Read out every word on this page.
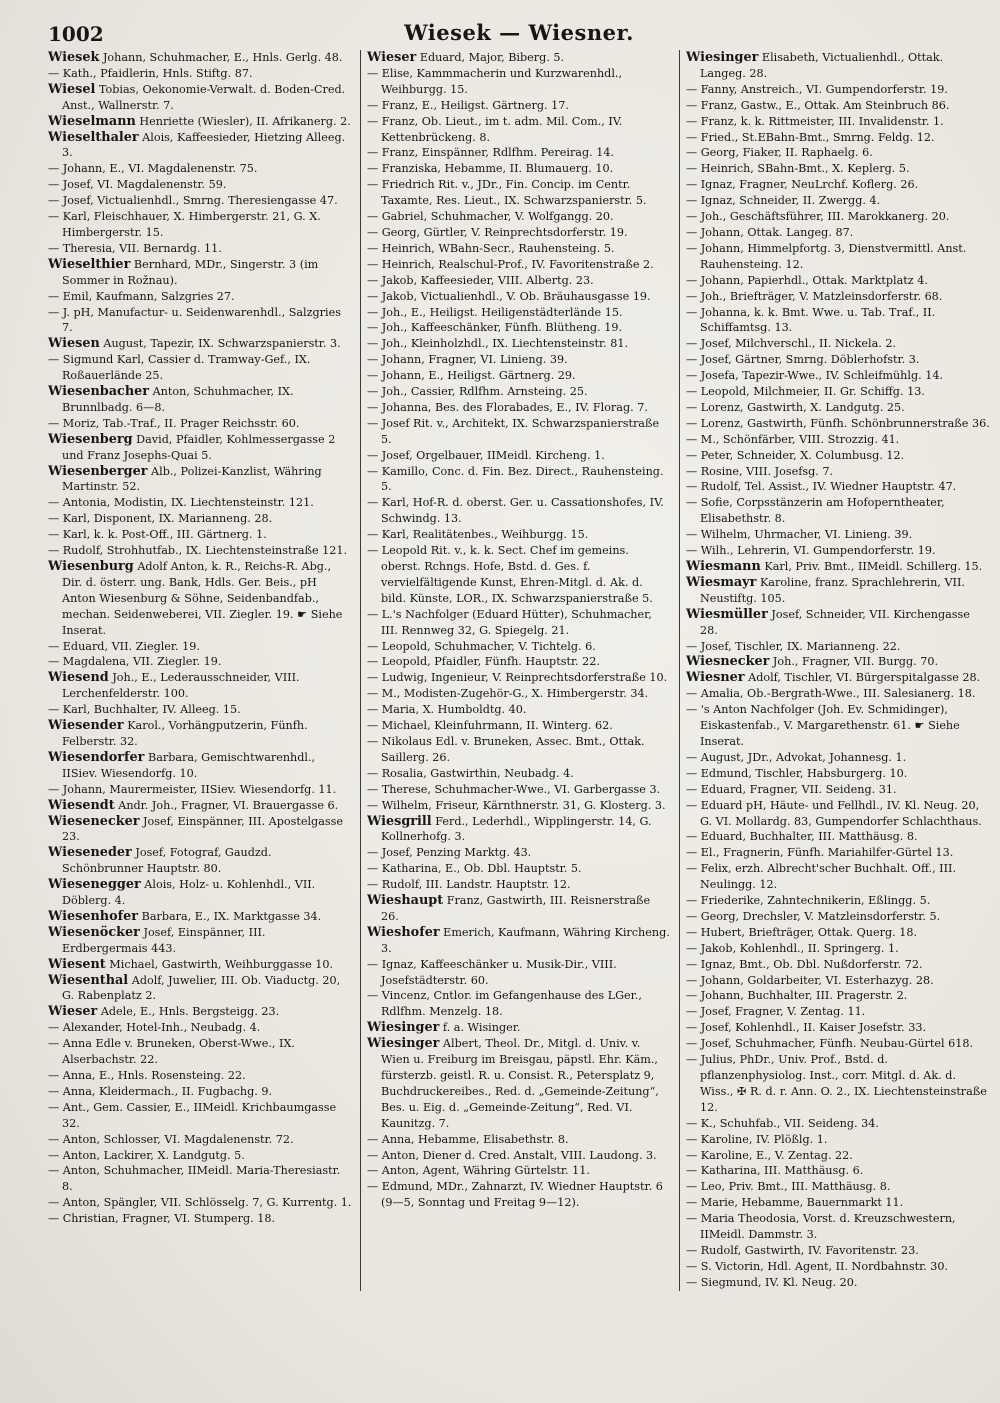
1002	Wiesek — Wiesner.

Wiesek Johann, Schuhmacher, E., Hnls. Gerlg. 48.

— Kath., Pfaidlerin, Hnls. Stiftg. 87.

Wiesel Tobias, Oekonomie-Verwalt. d. Boden-Cred. Anst., Wallnerstr. 7.

Wieselmann Henriette (Wiesler), II. Afrikanerg. 2.

Wieselthaler Alois, Kaffeesieder, Hietzing Alleeg. 3.

— Johann, E., VI. Magdalenenstr. 75.

— Josef, VI. Magdalenenstr. 59.

— Josef, Victualienhdl., Smrng. Theresiengasse 47.

— Karl, Fleischhauer, X. Himbergerstr. 21, G. X. Himbergerstr. 15.

— Theresia, VII. Bernardg. 11.

Wieselthier Bernhard, MDr., Singerstr. 3 (im Sommer in Rožnau).

— Emil, Kaufmann, Salzgries 27.

— J. pH, Manufactur- u. Seidenwarenhdl., Salzgries 7.

Wiesen August, Tapezir, IX. Schwarzspanierstr. 3.

— Sigmund Karl, Cassier d. Tramway-Gef., IX. Roßauerlände 25.

Wiesenbacher Anton, Schuhmacher, IX. Brunnlbadg. 6—8.

— Moriz, Tab.-Traf., II. Prager Reichsstr. 60.

Wiesenberg David, Pfaidler, Kohlmessergasse 2 und Franz Josephs-Quai 5.

Wiesenberger Alb., Polizei-Kanzlist, Währing Martinstr. 52.

— Antonia, Modistin, IX. Liechtensteinstr. 121.

— Karl, Disponent, IX. Marianneng. 28.

— Karl, k. k. Post-Off., III. Gärtnerg. 1.

— Rudolf, Strohhutfab., IX. Liechtensteinstraße 121.

Wiesenburg Adolf Anton, k. R., Reichs-R. Abg., Dir. d. österr. ung. Bank, Hdls. Ger. Beis., pH Anton Wiesenburg & Söhne, Seidenbandfab., mechan. Seidenweberei, VII. Ziegler. 19. ☛ Siehe Inserat.

— Eduard, VII. Ziegler. 19.

— Magdalena, VII. Ziegler. 19.

Wiesend Joh., E., Lederausschneider, VIII. Lerchenfelderstr. 100.

— Karl, Buchhalter, IV. Alleeg. 15.

Wiesender Karol., Vorhängputzerin, Fünfh. Felberstr. 32.

Wiesendorfer Barbara, Gemischtwarenhdl., IISiev. Wiesendorfg. 10.

— Johann, Maurermeister, IISiev. Wiesendorfg. 11.

Wiesendt Andr. Joh., Fragner, VI. Brauergasse 6.

Wiesenecker Josef, Einspänner, III. Apostelgasse 23.

Wieseneder Josef, Fotograf, Gaudzd. Schönbrunner Hauptstr. 80.

Wiesenegger Alois, Holz- u. Kohlenhdl., VII. Döblerg. 4.

Wiesenhofer Barbara, E., IX. Marktgasse 34.

Wiesenöcker Josef, Einspänner, III. Erdbergermais 443.

Wiesent Michael, Gastwirth, Weihburggasse 10.

Wiesenthal Adolf, Juwelier, III. Ob. Viaductg. 20, G. Rabenplatz 2.

Wieser Adele, E., Hnls. Bergsteigg. 23.

— Alexander, Hotel-Inh., Neubadg. 4.

— Anna Edle v. Bruneken, Oberst-Wwe., IX. Alserbachstr. 22.

— Anna, E., Hnls. Rosensteing. 22.

— Anna, Kleidermach., II. Fugbachg. 9.

— Ant., Gem. Cassier, E., IIMeidl. Krichbaumgasse 32.

— Anton, Schlosser, VI. Magdalenenstr. 72.

— Anton, Lackirer, X. Landgutg. 5.

— Anton, Schuhmacher, IIMeidl. Maria-Theresiastr. 8.

— Anton, Spängler, VII. Schlösselg. 7, G. Kurrentg. 1.

— Christian, Fragner, VI. Stumperg. 18.

Wieser Eduard, Major, Biberg. 5.

— Elise, Kammmacherin und Kurzwarenhdl., Weihburgg. 15.

— Franz, E., Heiligst. Gärtnerg. 17.

— Franz, Ob. Lieut., im t. adm. Mil. Com., IV. Kettenbrückeng. 8.

— Franz, Einspänner, Rdlfhm. Pereirag. 14.

— Franziska, Hebamme, II. Blumauerg. 10.

— Friedrich Rit. v., JDr., Fin. Concip. im Centr. Taxamte, Res. Lieut., IX. Schwarzspanierstr. 5.

— Gabriel, Schuhmacher, V. Wolfgangg. 20.

— Georg, Gürtler, V. Reinprechtsdorferstr. 19.

— Heinrich, WBahn-Secr., Rauhensteing. 5.

— Heinrich, Realschul-Prof., IV. Favoritenstraße 2.

— Jakob, Kaffeesieder, VIII. Albertg. 23.

— Jakob, Victualienhdl., V. Ob. Bräuhausgasse 19.

— Joh., E., Heiligst. Heiligenstädterlände 15.

— Joh., Kaffeeschänker, Fünfh. Blütheng. 19.

— Joh., Kleinholzhdl., IX. Liechtensteinstr. 81.

— Johann, Fragner, VI. Linieng. 39.

— Johann, E., Heiligst. Gärtnerg. 29.

— Joh., Cassier, Rdlfhm. Arnsteing. 25.

— Johanna, Bes. des Florabades, E., IV. Florag. 7.

— Josef Rit. v., Architekt, IX. Schwarzspanierstraße 5.

— Josef, Orgelbauer, IIMeidl. Kircheng. 1.

— Kamillo, Conc. d. Fin. Bez. Direct., Rauhensteing. 5.

— Karl, Hof-R. d. oberst. Ger. u. Cassationshofes, IV. Schwindg. 13.

— Karl, Realitätenbes., Weihburgg. 15.

— Leopold Rit. v., k. k. Sect. Chef im gemeins. oberst. Rchngs. Hofe, Bstd. d. Ges. f. vervielfältigende Kunst, Ehren-Mitgl. d. Ak. d. bild. Künste, LOR., IX. Schwarzspanierstraße 5.

— L.'s Nachfolger (Eduard Hütter), Schuhmacher, III. Rennweg 32, G. Spiegelg. 21.

— Leopold, Schuhmacher, V. Tichtelg. 6.

— Leopold, Pfaidler, Fünfh. Hauptstr. 22.

— Ludwig, Ingenieur, V. Reinprechtsdorferstraße 10.

— M., Modisten-Zugehör-G., X. Himbergerstr. 34.

— Maria, X. Humboldtg. 40.

— Michael, Kleinfuhrmann, II. Winterg. 62.

— Nikolaus Edl. v. Bruneken, Assec. Bmt., Ottak. Saillerg. 26.

— Rosalia, Gastwirthin, Neubadg. 4.

— Therese, Schuhmacher-Wwe., VI. Garbergasse 3.

— Wilhelm, Friseur, Kärnthnerstr. 31, G. Klosterg. 3.

Wiesgrill Ferd., Lederhdl., Wipplingerstr. 14, G. Kollnerhofg. 3.

— Josef, Penzing Marktg. 43.

— Katharina, E., Ob. Dbl. Hauptstr. 5.

— Rudolf, III. Landstr. Hauptstr. 12.

Wieshaupt Franz, Gastwirth, III. Reisnerstraße 26.

Wieshofer Emerich, Kaufmann, Währing Kircheng. 3.

— Ignaz, Kaffeeschänker u. Musik-Dir., VIII. Josefstädterstr. 60.

— Vincenz, Cntlor. im Gefangenhause des LGer., Rdlfhm. Menzelg. 18.

Wiesinger f. a. Wisinger.

Wiesinger Albert, Theol. Dr., Mitgl. d. Univ. v. Wien u. Freiburg im Breisgau, päpstl. Ehr. Käm., fürsterzb. geistl. R. u. Consist. R., Petersplatz 9, Buchdruckereibes., Red. d. „Gemeinde-Zeitung“, Bes. u. Eig. d. „Gemeinde-Zeitung“, Red. VI. Kaunitzg. 7.

— Anna, Hebamme, Elisabethstr. 8.

— Anton, Diener d. Cred. Anstalt, VIII. Laudong. 3.

— Anton, Agent, Währing Gürtelstr. 11.

— Edmund, MDr., Zahnarzt, IV. Wiedner Hauptstr. 6 (9—5, Sonntag und Freitag 9—12).

Wiesinger Elisabeth, Victualienhdl., Ottak. Langeg. 28.

— Fanny, Anstreich., VI. Gumpendorferstr. 19.

— Franz, Gastw., E., Ottak. Am Steinbruch 86.

— Franz, k. k. Rittmeister, III. Invalidenstr. 1.

— Fried., St.EBahn-Bmt., Smrng. Feldg. 12.

— Georg, Fiaker, II. Raphaelg. 6.

— Heinrich, SBahn-Bmt., X. Keplerg. 5.

— Ignaz, Fragner, NeuLrchf. Koflerg. 26.

— Ignaz, Schneider, II. Zwergg. 4.

— Joh., Geschäftsführer, III. Marokkanerg. 20.

— Johann, Ottak. Langeg. 87.

— Johann, Himmelpfortg. 3, Dienstvermittl. Anst. Rauhensteing. 12.

— Johann, Papierhdl., Ottak. Marktplatz 4.

— Joh., Briefträger, V. Matzleinsdorferstr. 68.

— Johanna, k. k. Bmt. Wwe. u. Tab. Traf., II. Schiffamtsg. 13.

— Josef, Milchverschl., II. Nickela. 2.

— Josef, Gärtner, Smrng. Döblerhofstr. 3.

— Josefa, Tapezir-Wwe., IV. Schleifmühlg. 14.

— Leopold, Milchmeier, II. Gr. Schiffg. 13.

— Lorenz, Gastwirth, X. Landgutg. 25.

— Lorenz, Gastwirth, Fünfh. Schönbrunnerstraße 36.

— M., Schönfärber, VIII. Strozzig. 41.

— Peter, Schneider, X. Columbusg. 12.

— Rosine, VIII. Josefsg. 7.

— Rudolf, Tel. Assist., IV. Wiedner Hauptstr. 47.

— Sofie, Corpsstänzerin am Hofoperntheater, Elisabethstr. 8.

— Wilhelm, Uhrmacher, VI. Linieng. 39.

— Wilh., Lehrerin, VI. Gumpendorferstr. 19.

Wiesmann Karl, Priv. Bmt., IIMeidl. Schillerg. 15.

Wiesmayr Karoline, franz. Sprachlehrerin, VII. Neustiftg. 105.

Wiesmüller Josef, Schneider, VII. Kirchengasse 28.

— Josef, Tischler, IX. Marianneng. 22.

Wiesnecker Joh., Fragner, VII. Burgg. 70.

Wiesner Adolf, Tischler, VI. Bürgerspitalgasse 28.

— Amalia, Ob.-Bergrath-Wwe., III. Salesianerg. 18.

— 's Anton Nachfolger (Joh. Ev. Schmidinger), Eiskastenfab., V. Margarethenstr. 61. ☛ Siehe Inserat.

— August, JDr., Advokat, Johannesg. 1.

— Edmund, Tischler, Habsburgerg. 10.

— Eduard, Fragner, VII. Seideng. 31.

— Eduard pH, Häute- und Fellhdl., IV. Kl. Neug. 20, G. VI. Mollardg. 83, Gumpendorfer Schlachthaus.

— Eduard, Buchhalter, III. Matthäusg. 8.

— El., Fragnerin, Fünfh. Mariahilfer-Gürtel 13.

— Felix, erzh. Albrecht'scher Buchhalt. Off., III. Neulingg. 12.

— Friederike, Zahntechnikerin, Eßlingg. 5.

— Georg, Drechsler, V. Matzleinsdorferstr. 5.

— Hubert, Briefträger, Ottak. Querg. 18.

— Jakob, Kohlenhdl., II. Springerg. 1.

— Ignaz, Bmt., Ob. Dbl. Nußdorferstr. 72.

— Johann, Goldarbeiter, VI. Esterhazyg. 28.

— Johann, Buchhalter, III. Pragerstr. 2.

— Josef, Fragner, V. Zentag. 11.

— Josef, Kohlenhdl., II. Kaiser Josefstr. 33.

— Josef, Schuhmacher, Fünfh. Neubau-Gürtel 618.

— Julius, PhDr., Univ. Prof., Bstd. d. pflanzenphysiolog. Inst., corr. Mitgl. d. Ak. d. Wiss., ✠ R. d. r. Ann. O. 2., IX. Liechtensteinstraße 12.

— K., Schuhfab., VII. Seideng. 34.

— Karoline, IV. Plößlg. 1.

— Karoline, E., V. Zentag. 22.

— Katharina, III. Matthäusg. 6.

— Leo, Priv. Bmt., III. Matthäusg. 8.

— Marie, Hebamme, Bauernmarkt 11.

— Maria Theodosia, Vorst. d. Kreuzschwestern, IIMeidl. Dammstr. 3.

— Rudolf, Gastwirth, IV. Favoritenstr. 23.

— S. Victorin, Hdl. Agent, II. Nordbahnstr. 30.

— Siegmund, IV. Kl. Neug. 20.
